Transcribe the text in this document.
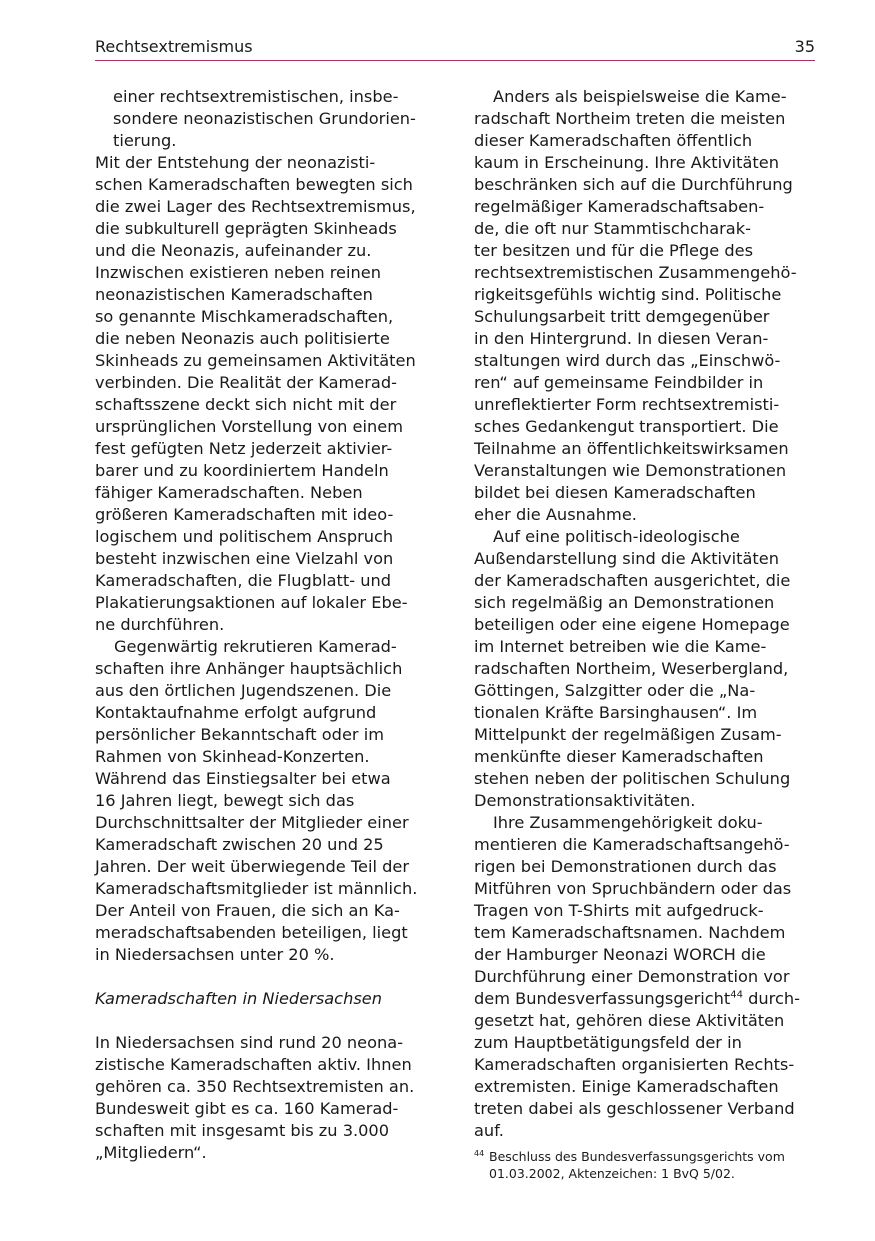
Rechtsextremismus	35
einer rechtsextremistischen, insbe-
sondere neonazistischen Grundorien-
tierung.
Mit der Entstehung der neonazisti-
schen Kameradschaften bewegten sich
die zwei Lager des Rechtsextremismus,
die subkulturell geprägten Skinheads
und die Neonazis, aufeinander zu.
Inzwischen existieren neben reinen
neonazistischen Kameradschaften
so genannte Mischkameradschaften,
die neben Neonazis auch politisierte
Skinheads zu gemeinsamen Aktivitäten
verbinden. Die Realität der Kamerad-
schaftsszene deckt sich nicht mit der
ursprünglichen Vorstellung von einem
fest gefügten Netz jederzeit aktivier-
barer und zu koordiniertem Handeln
fähiger Kameradschaften. Neben
größeren Kameradschaften mit ideo-
logischem und politischem Anspruch
besteht inzwischen eine Vielzahl von
Kameradschaften, die Flugblatt- und
Plakatierungsaktionen auf lokaler Ebe-
ne durchführen.
Gegenwärtig rekrutieren Kamerad-
schaften ihre Anhänger hauptsächlich
aus den örtlichen Jugendszenen. Die
Kontaktaufnahme erfolgt aufgrund
persönlicher Bekanntschaft oder im
Rahmen von Skinhead-Konzerten.
Während das Einstiegsalter bei etwa
16 Jahren liegt, bewegt sich das
Durchschnittsalter der Mitglieder einer
Kameradschaft zwischen 20 und 25
Jahren. Der weit überwiegende Teil der
Kameradschaftsmitglieder ist männlich.
Der Anteil von Frauen, die sich an Ka-
meradschaftsabenden beteiligen, liegt
in Niedersachsen unter 20 %.
Kameradschaften in Niedersachsen
In Niedersachsen sind rund 20 neona-
zistische Kameradschaften aktiv. Ihnen
gehören ca. 350 Rechtsextremisten an.
Bundesweit gibt es ca. 160 Kamerad-
schaften mit insgesamt bis zu 3.000
„Mitgliedern“.
Anders als beispielsweise die Kame-
radschaft Northeim treten die meisten
dieser Kameradschaften öffentlich
kaum in Erscheinung. Ihre Aktivitäten
beschränken sich auf die Durchführung
regelmäßiger Kameradschaftsaben-
de, die oft nur Stammtischcharak-
ter besitzen und für die Pflege des
rechtsextremistischen Zusammengehö-
rigkeitsgefühls wichtig sind. Politische
Schulungsarbeit tritt demgegenüber
in den Hintergrund. In diesen Veran-
staltungen wird durch das „Einschwö-
ren“ auf gemeinsame Feindbilder in
unreflektierter Form rechtsextremisti-
sches Gedankengut transportiert. Die
Teilnahme an öffentlichkeitswirksamen
Veranstaltungen wie Demonstrationen
bildet bei diesen Kameradschaften
eher die Ausnahme.
Auf eine politisch-ideologische
Außendarstellung sind die Aktivitäten
der Kameradschaften ausgerichtet, die
sich regelmäßig an Demonstrationen
beteiligen oder eine eigene Homepage
im Internet betreiben wie die Kame-
radschaften Northeim, Weserbergland,
Göttingen, Salzgitter oder die „Na-
tionalen Kräfte Barsinghausen“. Im
Mittelpunkt der regelmäßigen Zusam-
menkünfte dieser Kameradschaften
stehen neben der politischen Schulung
Demonstrationsaktivitäten.
Ihre Zusammengehörigkeit doku-
mentieren die Kameradschaftsangehö-
rigen bei Demonstrationen durch das
Mitführen von Spruchbändern oder das
Tragen von T-Shirts mit aufgedruck-
tem Kameradschaftsnamen. Nachdem
der Hamburger Neonazi WORCH die
Durchführung einer Demonstration vor
dem Bundesverfassungsgericht$^{44}$ durch-
gesetzt hat, gehören diese Aktivitäten
zum Hauptbetätigungsfeld der in
Kameradschaften organisierten Rechts-
extremisten. Einige Kameradschaften
treten dabei als geschlossener Verband
auf.
44 Beschluss des Bundesverfassungsgerichts vom
01.03.2002, Aktenzeichen: 1 BvQ 5/02.
